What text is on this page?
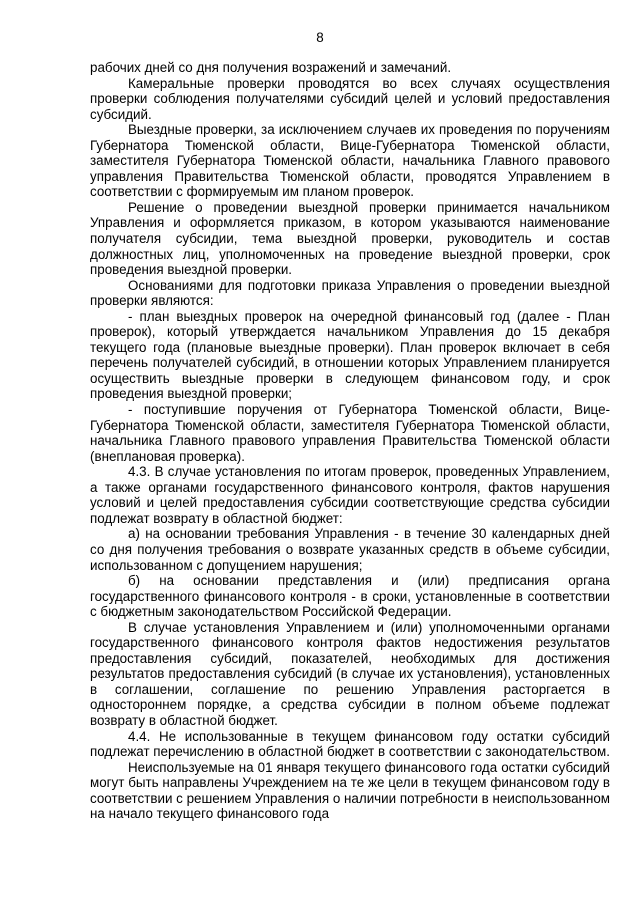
8

рабочих дней со дня получения возражений и замечаний.

Камеральные проверки проводятся во всех случаях осуществления проверки соблюдения получателями субсидий целей и условий предоставления субсидий.

Выездные проверки, за исключением случаев их проведения по поручениям Губернатора Тюменской области, Вице-Губернатора Тюменской области, заместителя Губернатора Тюменской области, начальника Главного правового управления Правительства Тюменской области, проводятся Управлением в соответствии с формируемым им планом проверок.

Решение о проведении выездной проверки принимается начальником Управления и оформляется приказом, в котором указываются наименование получателя субсидии, тема выездной проверки, руководитель и состав должностных лиц, уполномоченных на проведение выездной проверки, срок проведения выездной проверки.

Основаниями для подготовки приказа Управления о проведении выездной проверки являются:

- план выездных проверок на очередной финансовый год (далее - План проверок), который утверждается начальником Управления до 15 декабря текущего года (плановые выездные проверки). План проверок включает в себя перечень получателей субсидий, в отношении которых Управлением планируется осуществить выездные проверки в следующем финансовом году, и срок проведения выездной проверки;

- поступившие поручения от Губернатора Тюменской области, Вице-Губернатора Тюменской области, заместителя Губернатора Тюменской области, начальника Главного правового управления Правительства Тюменской области (внеплановая проверка).

4.3. В случае установления по итогам проверок, проведенных Управлением, а также органами государственного финансового контроля, фактов нарушения условий и целей предоставления субсидии соответствующие средства субсидии подлежат возврату в областной бюджет:

а) на основании требования Управления - в течение 30 календарных дней со дня получения требования о возврате указанных средств в объеме субсидии, использованном с допущением нарушения;

б) на основании представления и (или) предписания органа государственного финансового контроля - в сроки, установленные в соответствии с бюджетным законодательством Российской Федерации.

В случае установления Управлением и (или) уполномоченными органами государственного финансового контроля фактов недостижения результатов предоставления субсидий, показателей, необходимых для достижения результатов предоставления субсидий (в случае их установления), установленных в соглашении, соглашение по решению Управления расторгается в одностороннем порядке, а средства субсидии в полном объеме подлежат возврату в областной бюджет.

4.4. Не использованные в текущем финансовом году остатки субсидий подлежат перечислению в областной бюджет в соответствии с законодательством.

Неиспользуемые на 01 января текущего финансового года остатки субсидий могут быть направлены Учреждением на те же цели в текущем финансовом году в соответствии с решением Управления о наличии потребности в неиспользованном на начало текущего финансового года
